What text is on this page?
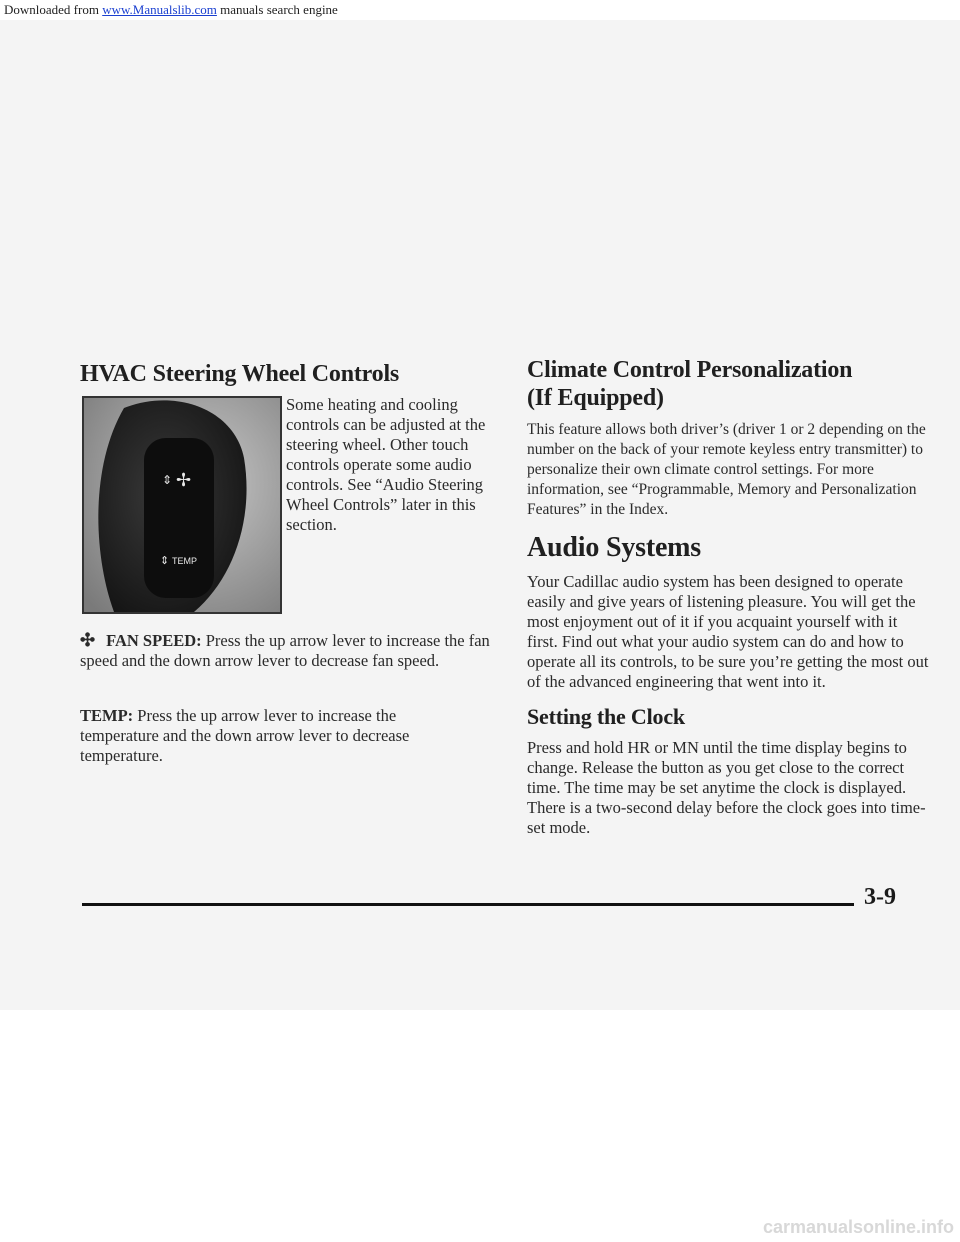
Downloaded from www.Manualslib.com manuals search engine
HVAC Steering Wheel Controls
⇕ ✢
⇕ TEMP

Some heating and cooling controls can be adjusted at the steering wheel. Other touch controls operate some audio controls. See “Audio Steering Wheel Controls” later in this section.

✣ FAN SPEED: Press the up arrow lever to increase the fan speed and the down arrow lever to decrease fan speed.

TEMP: Press the up arrow lever to increase the temperature and the down arrow lever to decrease temperature.

Climate Control Personalization
(If Equipped)

This feature allows both driver’s (driver 1 or 2 depending on the number on the back of your remote keyless entry transmitter) to personalize their own climate control settings. For more information, see “Programmable, Memory and Personalization Features” in the Index.

Audio Systems

Your Cadillac audio system has been designed to operate easily and give years of listening pleasure. You will get the most enjoyment out of it if you acquaint yourself with it first. Find out what your audio system can do and how to operate all its controls, to be sure you’re getting the most out of the advanced engineering that went into it.

Setting the Clock

Press and hold HR or MN until the time display begins to change. Release the button as you get close to the correct time. The time may be set anytime the clock is displayed. There is a two-second delay before the clock goes into time-set mode.

3-9
carmanualsonline.info
